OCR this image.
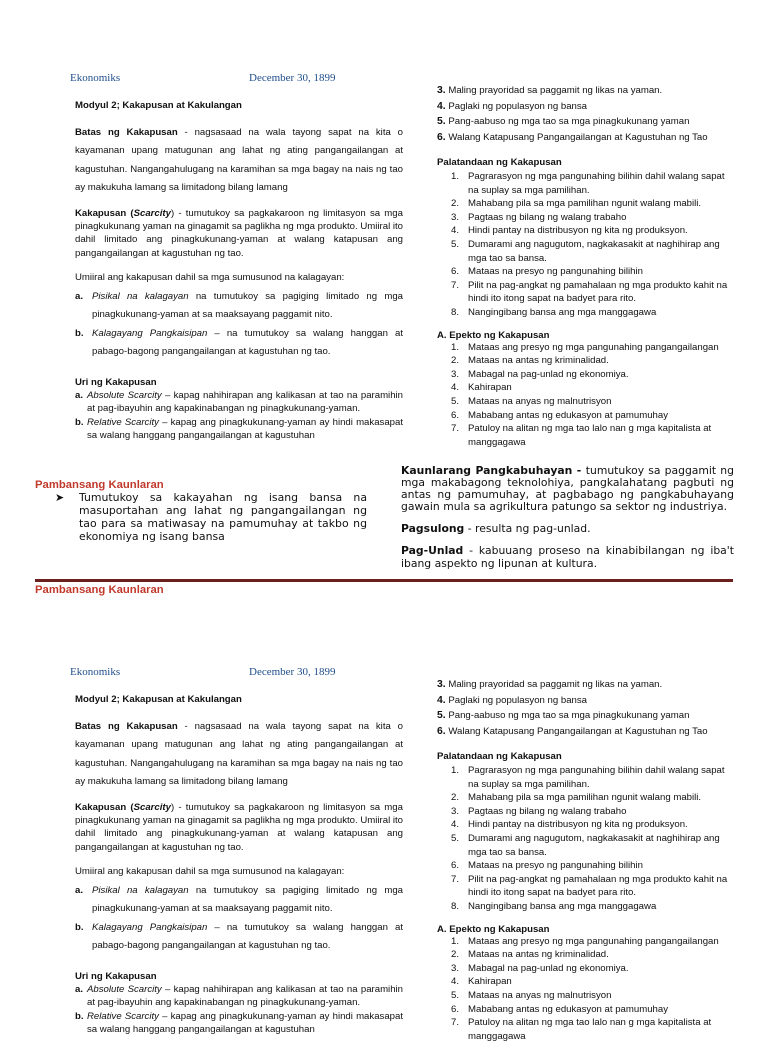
Ekonomiks	December 30, 1899
Modyul 2; Kakapusan at Kakulangan

Batas ng Kakapusan - nagsasaad na wala tayong sapat na kita o kayamanan upang matugunan ang lahat ng ating pangangailangan at kagustuhan. Nangangahulugang na karamihan sa mga bagay na nais ng tao ay makukuha lamang sa limitadong bilang lamang

Kakapusan (Scarcity) - tumutukoy sa pagkakaroon ng limitasyon sa mga pinagkukunang yaman na ginagamit sa paglikha ng mga produkto. Umiiral ito dahil limitado ang pinagkukunang-yaman at walang katapusan ang pangangailangan at kagustuhan ng tao.

Umiiral ang kakapusan dahil sa mga sumusunod na kalagayan:
a. Pisikal na kalagayan na tumutukoy sa pagiging limitado ng mga pinagkukunang-yaman at sa maaksayang paggamit nito.
b. Kalagayang Pangkaisipan – na tumutukoy sa walang hanggan at pabago-bagong pangangailangan at kagustuhan ng tao.
Uri ng Kakapusan
a. Absolute Scarcity – kapag nahihirapan ang kalikasan at tao na paramihin at pag-ibayuhin ang kapakinabangan ng pinagkukunang-yaman.
b. Relative Scarcity – kapag ang pinagkukunang-yaman ay hindi makasapat sa walang hanggang pangangailangan at kagustuhan
3. Maling prayoridad sa paggamit ng likas na yaman.
4. Paglaki ng populasyon ng bansa
5. Pang-aabuso ng mga tao sa mga pinagkukunang yaman
6. Walang Katapusang Pangangailangan at Kagustuhan ng Tao
Palatandaan ng Kakapusan
1. Pagrarasyon ng mga pangunahing bilihin dahil walang sapat na suplay sa mga pamilihan.
2. Mahabang pila sa mga pamilihan ngunit walang mabili.
3. Pagtaas ng bilang ng walang trabaho
4. Hindi pantay na distribusyon ng kita ng produksyon.
5. Dumarami ang nagugutom, nagkakasakit at naghihirap ang mga tao sa bansa.
6. Mataas na presyo ng pangunahing bilihin
7. Pilit na pag-angkat ng pamahalaan ng mga produkto kahit na hindi ito itong sapat na badyet para rito.
8. Nangingibang bansa ang mga manggagawa
A. Epekto ng Kakapusan
1. Mataas ang presyo ng mga pangunahing pangangailangan
2. Mataas na antas ng kriminalidad.
3. Mabagal na pag-unlad ng ekonomiya.
4. Kahirapan
5. Mataas na anyas ng malnutrisyon
6. Mababang antas ng edukasyon at pamumuhay
7. Patuloy na alitan ng mga tao lalo nan g mga kapitalista at manggagawa
Pambansang Kaunlaran
➤ Tumutukoy sa kakayahan ng isang bansa na masuportahan ang lahat ng pangangailangan ng tao para sa matiwasay na pamumuhay at takbo ng ekonomiya ng isang bansa

Kaunlarang Pangkabuhayan - tumutukoy sa paggamit ng mga makabagong teknolohiya, pangkalahatang pagbuti ng antas ng pamumuhay, at pagbabago ng pangkabuhayang gawain mula sa agrikultura patungo sa sektor ng industriya.

Pagsulong - resulta ng pag-unlad.

Pag-Unlad - kabuuang proseso na kinabibilangan ng iba't ibang aspekto ng lipunan at kultura.

Pambansang Kaunlaran
Ekonomiks	December 30, 1899
Modyul 2; Kakapusan at Kakulangan

Batas ng Kakapusan - nagsasaad na wala tayong sapat na kita o kayamanan upang matugunan ang lahat ng ating pangangailangan at kagustuhan. Nangangahulugang na karamihan sa mga bagay na nais ng tao ay makukuha lamang sa limitadong bilang lamang

Kakapusan (Scarcity) - tumutukoy sa pagkakaroon ng limitasyon sa mga pinagkukunang yaman na ginagamit sa paglikha ng mga produkto. Umiiral ito dahil limitado ang pinagkukunang-yaman at walang katapusan ang pangangailangan at kagustuhan ng tao.

Umiiral ang kakapusan dahil sa mga sumusunod na kalagayan:
a. Pisikal na kalagayan na tumutukoy sa pagiging limitado ng mga pinagkukunang-yaman at sa maaksayang paggamit nito.
b. Kalagayang Pangkaisipan – na tumutukoy sa walang hanggan at pabago-bagong pangangailangan at kagustuhan ng tao.
Uri ng Kakapusan
a. Absolute Scarcity – kapag nahihirapan ang kalikasan at tao na paramihin at pag-ibayuhin ang kapakinabangan ng pinagkukunang-yaman.
b. Relative Scarcity – kapag ang pinagkukunang-yaman ay hindi makasapat sa walang hanggang pangangailangan at kagustuhan
3. Maling prayoridad sa paggamit ng likas na yaman.
4. Paglaki ng populasyon ng bansa
5. Pang-aabuso ng mga tao sa mga pinagkukunang yaman
6. Walang Katapusang Pangangailangan at Kagustuhan ng Tao
Palatandaan ng Kakapusan
1. Pagrarasyon ng mga pangunahing bilihin dahil walang sapat na suplay sa mga pamilihan.
2. Mahabang pila sa mga pamilihan ngunit walang mabili.
3. Pagtaas ng bilang ng walang trabaho
4. Hindi pantay na distribusyon ng kita ng produksyon.
5. Dumarami ang nagugutom, nagkakasakit at naghihirap ang mga tao sa bansa.
6. Mataas na presyo ng pangunahing bilihin
7. Pilit na pag-angkat ng pamahalaan ng mga produkto kahit na hindi ito itong sapat na badyet para rito.
8. Nangingibang bansa ang mga manggagawa
A. Epekto ng Kakapusan
1. Mataas ang presyo ng mga pangunahing pangangailangan
2. Mataas na antas ng kriminalidad.
3. Mabagal na pag-unlad ng ekonomiya.
4. Kahirapan
5. Mataas na anyas ng malnutrisyon
6. Mababang antas ng edukasyon at pamumuhay
7. Patuloy na alitan ng mga tao lalo nan g mga kapitalista at manggagawa
